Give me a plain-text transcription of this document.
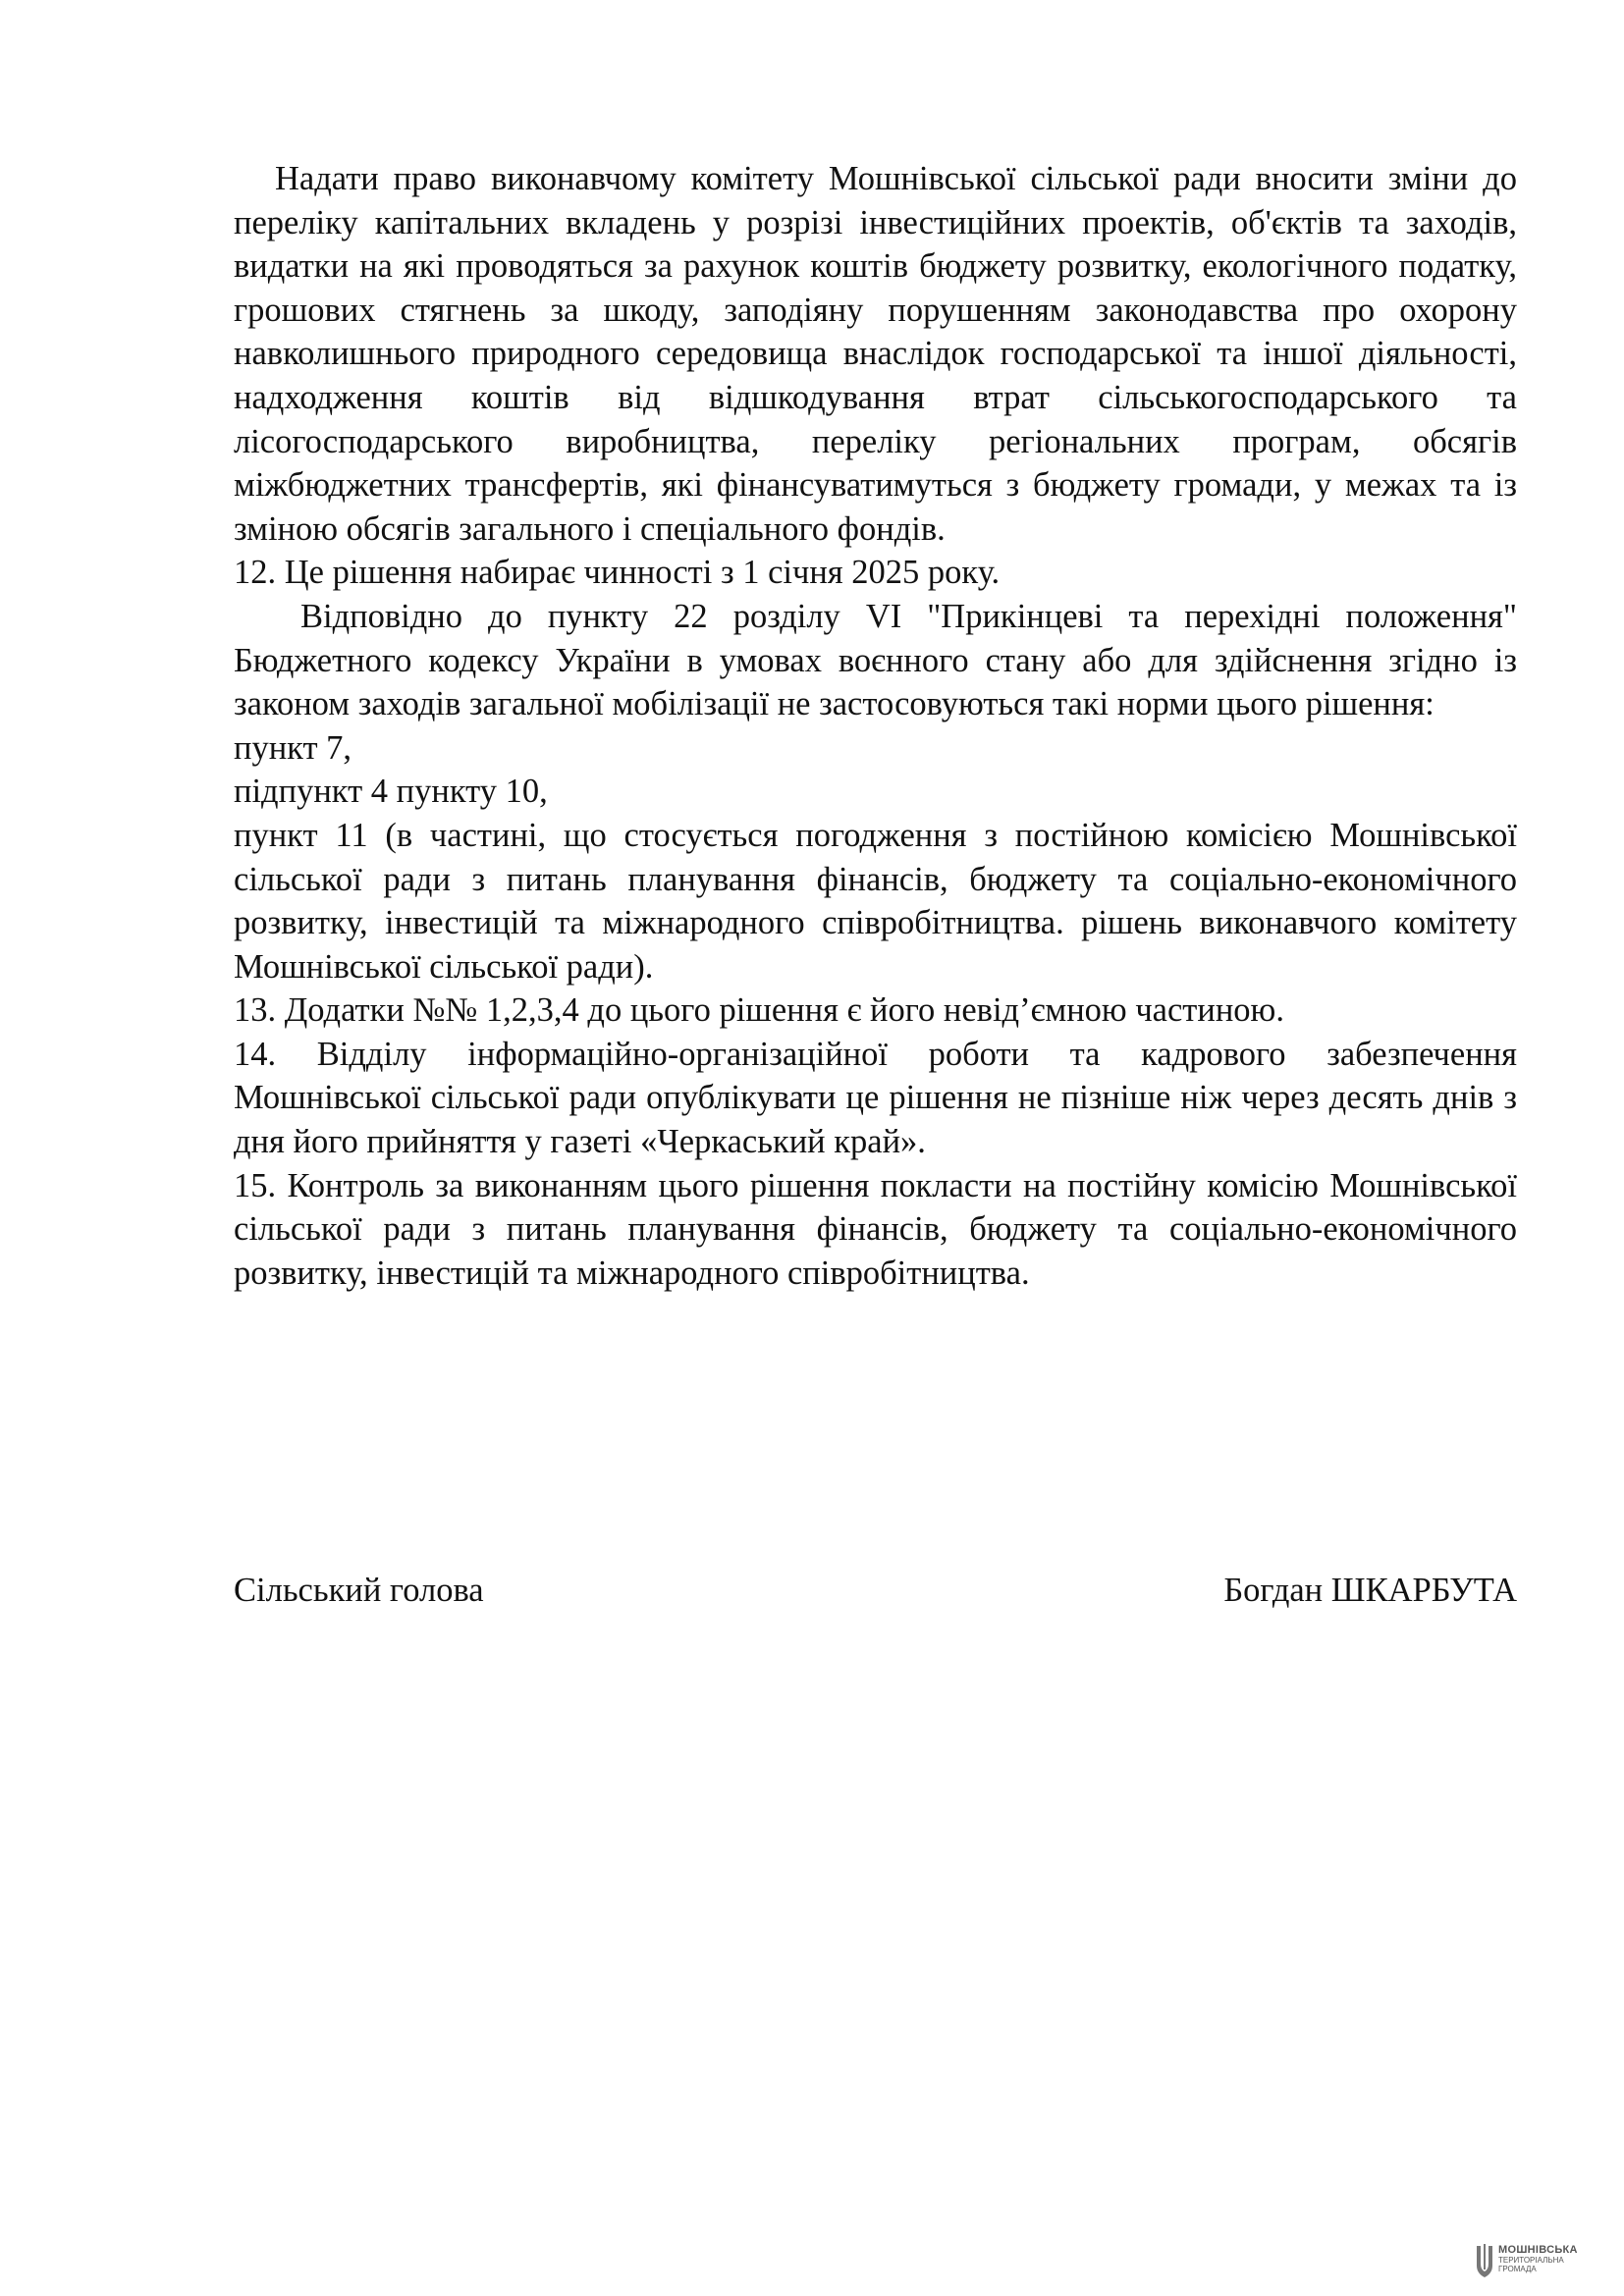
Надати право виконавчому комітету Мошнівської сільської ради вносити зміни до переліку капітальних вкладень у розрізі інвестиційних проектів, об'єктів та заходів, видатки на які проводяться за рахунок коштів бюджету розвитку, екологічного податку, грошових стягнень за шкоду, заподіяну порушенням законодавства про охорону навколишнього природного середовища внаслідок господарської та іншої діяльності, надходження коштів від відшкодування втрат сільськогосподарського та лісогосподарського виробництва, переліку регіональних програм, обсягів міжбюджетних трансфертів, які фінансуватимуться з бюджету громади, у межах та із зміною обсягів загального і спеціального фондів.

12. Це рішення набирає чинності з 1 січня 2025 року.

Відповідно до пункту 22 розділу VI "Прикінцеві та перехідні положення" Бюджетного кодексу України в умовах воєнного стану або для здійснення згідно із законом заходів загальної мобілізації не застосовуються такі норми цього рішення:

пункт 7,

підпункт 4 пункту 10,

пункт 11 (в частині, що стосується погодження з постійною комісією Мошнівської сільської ради з питань планування фінансів, бюджету та соціально-економічного розвитку, інвестицій та міжнародного співробітництва. рішень виконавчого комітету Мошнівської сільської ради).

13. Додатки №№ 1,2,3,4 до цього рішення є його невід’ємною частиною.

14. Відділу інформаційно-організаційної роботи та кадрового забезпечення Мошнівської сільської ради опублікувати це рішення не пізніше ніж через десять днів з дня його прийняття у газеті «Черкаський край».

15. Контроль за виконанням цього рішення покласти на постійну комісію Мошнівської сільської ради з питань планування фінансів, бюджету та соціально-економічного розвитку, інвестицій та міжнародного співробітництва.

Сільський голова	Богдан ШКАРБУТА
МОШНІВСЬКА
ТЕРИТОРІАЛЬНА
ГРОМАДА
